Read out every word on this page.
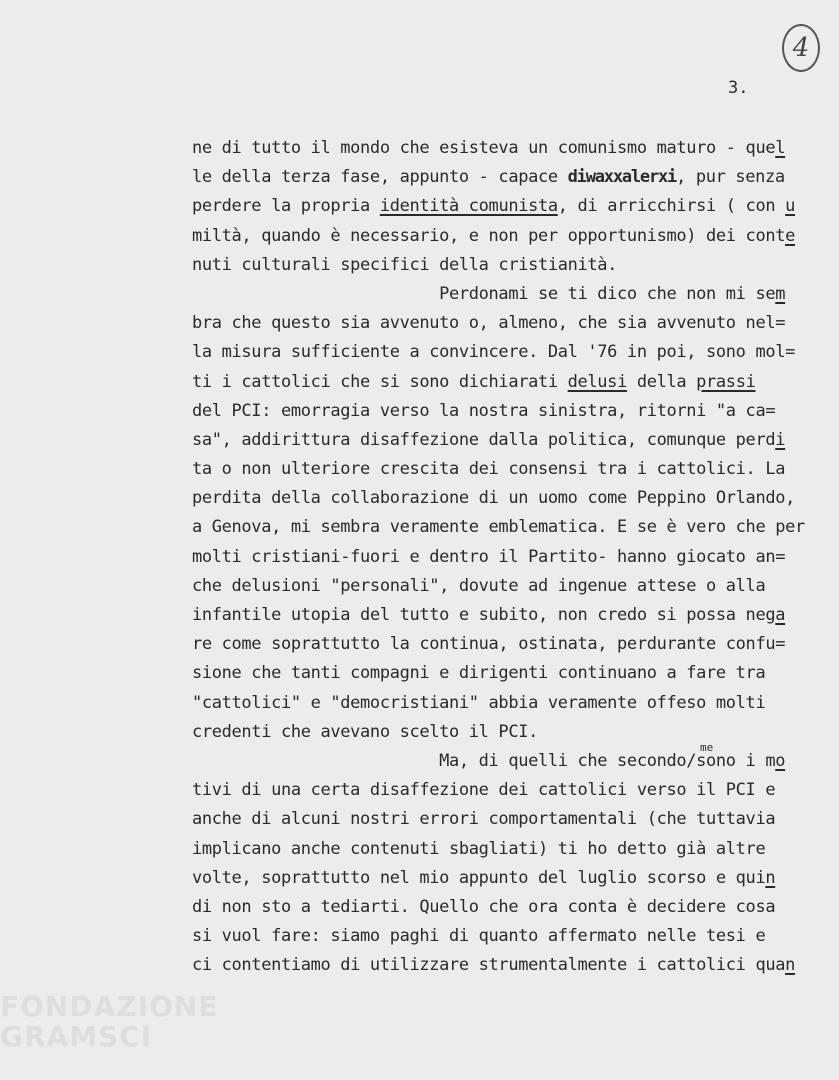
4
3.
ne di tutto il mondo che esisteva un comunismo maturo - quel
le della terza fase, appunto - capace diwaxxalerxi, pur senza
perdere la propria identità comunista, di arricchirsi ( con u
miltà, quando è necessario, e non per opportunismo) dei conte
nuti culturali specifici della cristianità.
Perdonami se ti dico che non mi sem
bra che questo sia avvenuto o, almeno, che sia avvenuto nel=
la misura sufficiente a convincere. Dal '76 in poi, sono mol=
ti i cattolici che si sono dichiarati delusi della prassi
del PCI: emorragia verso la nostra sinistra, ritorni "a ca=
sa", addirittura disaffezione dalla politica, comunque perdi
ta o non ulteriore crescita dei consensi tra i cattolici. La
perdita della collaborazione di un uomo come Peppino Orlando,
a Genova, mi sembra veramente emblematica. E se è vero che per
molti cristiani-fuori e dentro il Partito- hanno giocato an=
che delusioni "personali", dovute ad ingenue attese o alla
infantile utopia del tutto e subito, non credo si possa nega
re come soprattutto la continua, ostinata, perdurante confu=
sione che tanti compagni e dirigenti continuano a fare tra
"cattolici" e "democristiani" abbia veramente offeso molti
credenti che avevano scelto il PCI.
Ma, di quelli che secondo/sono i mo
tivi di una certa disaffezione dei cattolici verso il PCI e
anche di alcuni nostri errori comportamentali (che tuttavia
implicano anche contenuti sbagliati) ti ho detto già altre
volte, soprattutto nel mio appunto del luglio scorso e quin
di non sto a tediarti. Quello che ora conta è decidere cosa
si vuol fare: siamo paghi di quanto affermato nelle tesi e
ci contentiamo di utilizzare strumentalmente i cattolici quan
me
FONDAZIONE
GRAMSCI
